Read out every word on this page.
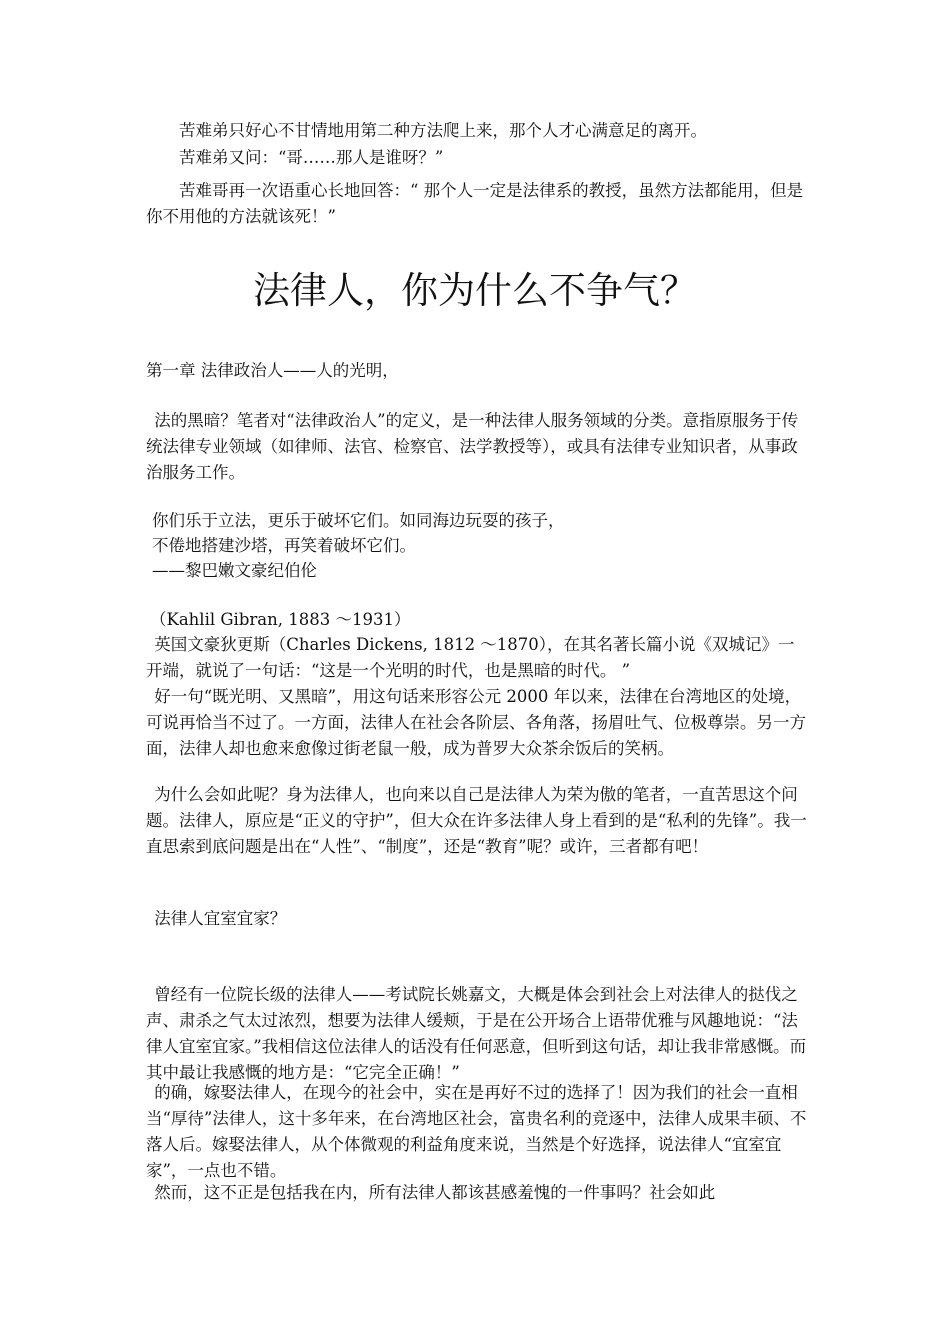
苦难弟只好心不甘情地用第二种方法爬上来，那个人才心满意足的离开。

苦难弟又问：“哥……那人是谁呀？”

苦难哥再一次语重心长地回答：“ 那个人一定是法律系的教授，虽然方法都能用，但是你不用他的方法就该死！”

法律人，你为什么不争气？

第一章 法律政治人——人的光明，

法的黑暗？笔者对“法律政治人”的定义，是一种法律人服务领域的分类。意指原服务于传统法律专业领域（如律师、法官、检察官、法学教授等），或具有法律专业知识者，从事政治服务工作。

你们乐于立法，更乐于破坏它们。如同海边玩耍的孩子，

不倦地搭建沙塔，再笑着破坏它们。

——黎巴嫩文豪纪伯伦

（Kahlil Gibran, 1883 ～1931）

英国文豪狄更斯（Charles Dickens, 1812 ～1870），在其名著长篇小说《双城记》一开端，就说了一句话：“这是一个光明的时代，也是黑暗的时代。 ”

好一句“既光明、又黑暗”，用这句话来形容公元 2000 年以来，法律在台湾地区的处境，可说再恰当不过了。一方面，法律人在社会各阶层、各角落，扬眉吐气、位极尊崇。另一方面，法律人却也愈来愈像过街老鼠一般，成为普罗大众茶余饭后的笑柄。

为什么会如此呢？身为法律人，也向来以自己是法律人为荣为傲的笔者，一直苦思这个问题。法律人，原应是“正义的守护”，但大众在许多法律人身上看到的是“私利的先锋”。我一直思索到底问题是出在“人性”、“制度”，还是“教育”呢？或许，三者都有吧！

法律人宜室宜家？

曾经有一位院长级的法律人——考试院长姚嘉文，大概是体会到社会上对法律人的挞伐之声、肃杀之气太过浓烈，想要为法律人缓颊，于是在公开场合上语带优雅与风趣地说：“法律人宜室宜家。”我相信这位法律人的话没有任何恶意，但听到这句话，却让我非常感慨。而其中最让我感慨的地方是：“它完全正确！”

的确，嫁娶法律人，在现今的社会中，实在是再好不过的选择了！因为我们的社会一直相当“厚待”法律人，这十多年来，在台湾地区社会，富贵名利的竞逐中，法律人成果丰硕、不落人后。嫁娶法律人，从个体微观的利益角度来说，当然是个好选择，说法律人“宜室宜家”，一点也不错。

然而，这不正是包括我在内，所有法律人都该甚感羞愧的一件事吗？社会如此
